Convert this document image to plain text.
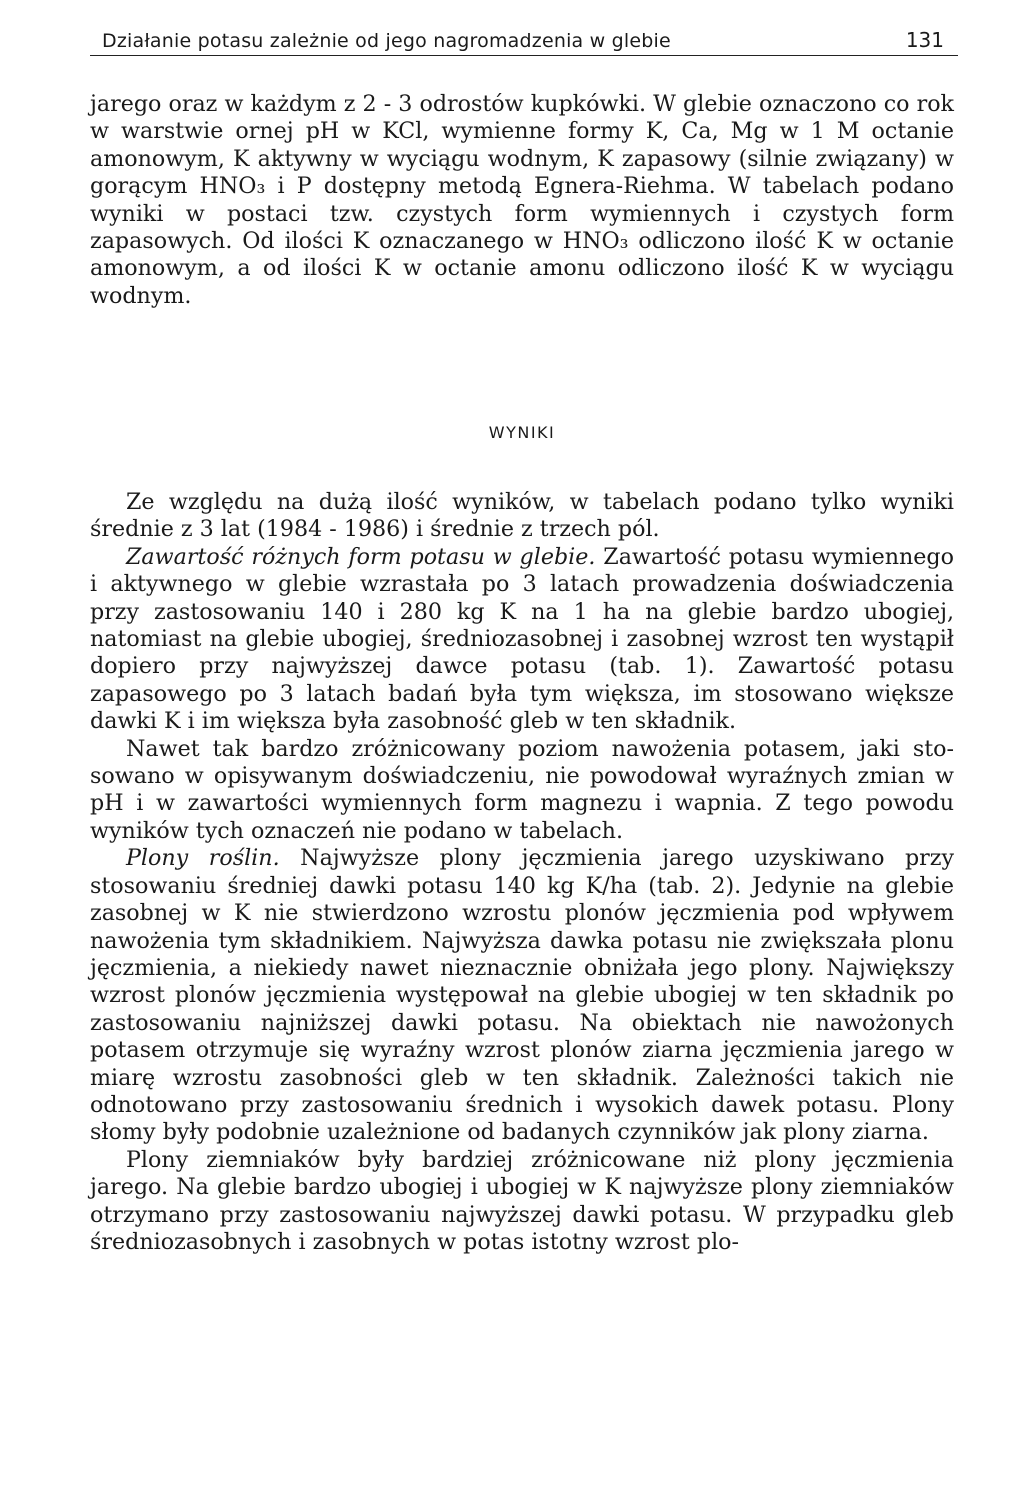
Działanie potasu zależnie od jego nagromadzenia w glebie	131

jarego oraz w każdym z 2 - 3 odrostów kupkówki. W glebie oznaczono co rok w warstwie ornej pH w KCl, wymienne formy K, Ca, Mg w 1 M octanie amonowym, K aktywny w wyciągu wodnym, K zapasowy (silnie związany) w gorącym HNO₃ i P dostępny metodą Egnera-Riehma. W tabelach podano wyniki w postaci tzw. czystych form wymiennych i czystych form zapasowych. Od ilości K oznaczanego w HNO₃ odliczono ilość K w octanie amonowym, a od ilości K w octanie amonu odliczono ilość K w wyciągu wodnym.

WYNIKI

Ze względu na dużą ilość wyników, w tabelach podano tylko wyniki średnie z 3 lat (1984 - 1986) i średnie z trzech pól.

Zawartość różnych form potasu w glebie. Zawartość potasu wymiennego i aktywnego w glebie wzrastała po 3 latach prowadzenia doświadczenia przy zastosowaniu 140 i 280 kg K na 1 ha na glebie bardzo ubogiej, natomiast na glebie ubogiej, średniozasobnej i zasobnej wzrost ten wystąpił dopiero przy najwyższej dawce potasu (tab. 1). Zawartość potasu zapasowego po 3 latach badań była tym większa, im stosowano większe dawki K i im większa była zasobność gleb w ten składnik.

Nawet tak bardzo zróżnicowany poziom nawożenia potasem, jaki stosowano w opisywanym doświadczeniu, nie powodował wyraźnych zmian w pH i w zawartości wymiennych form magnezu i wapnia. Z tego powodu wyników tych oznaczeń nie podano w tabelach.

Plony roślin. Najwyższe plony jęczmienia jarego uzyskiwano przy stosowaniu średniej dawki potasu 140 kg K/ha (tab. 2). Jedynie na glebie zasobnej w K nie stwierdzono wzrostu plonów jęczmienia pod wpływem nawożenia tym składnikiem. Najwyższa dawka potasu nie zwiększała plonu jęczmienia, a niekiedy nawet nieznacznie obniżała jego plony. Największy wzrost plonów jęczmienia występował na glebie ubogiej w ten składnik po zastosowaniu najniższej dawki potasu. Na obiektach nie nawożonych potasem otrzymuje się wyraźny wzrost plonów ziarna jęczmienia jarego w miarę wzrostu zasobności gleb w ten składnik. Zależności takich nie odnotowano przy zastosowaniu średnich i wysokich dawek potasu. Plony słomy były podobnie uzależnione od badanych czynników jak plony ziarna.

Plony ziemniaków były bardziej zróżnicowane niż plony jęczmienia jarego. Na glebie bardzo ubogiej i ubogiej w K najwyższe plony ziemniaków otrzymano przy zastosowaniu najwyższej dawki potasu. W przypadku gleb średniozasobnych i zasobnych w potas istotny wzrost plo-
